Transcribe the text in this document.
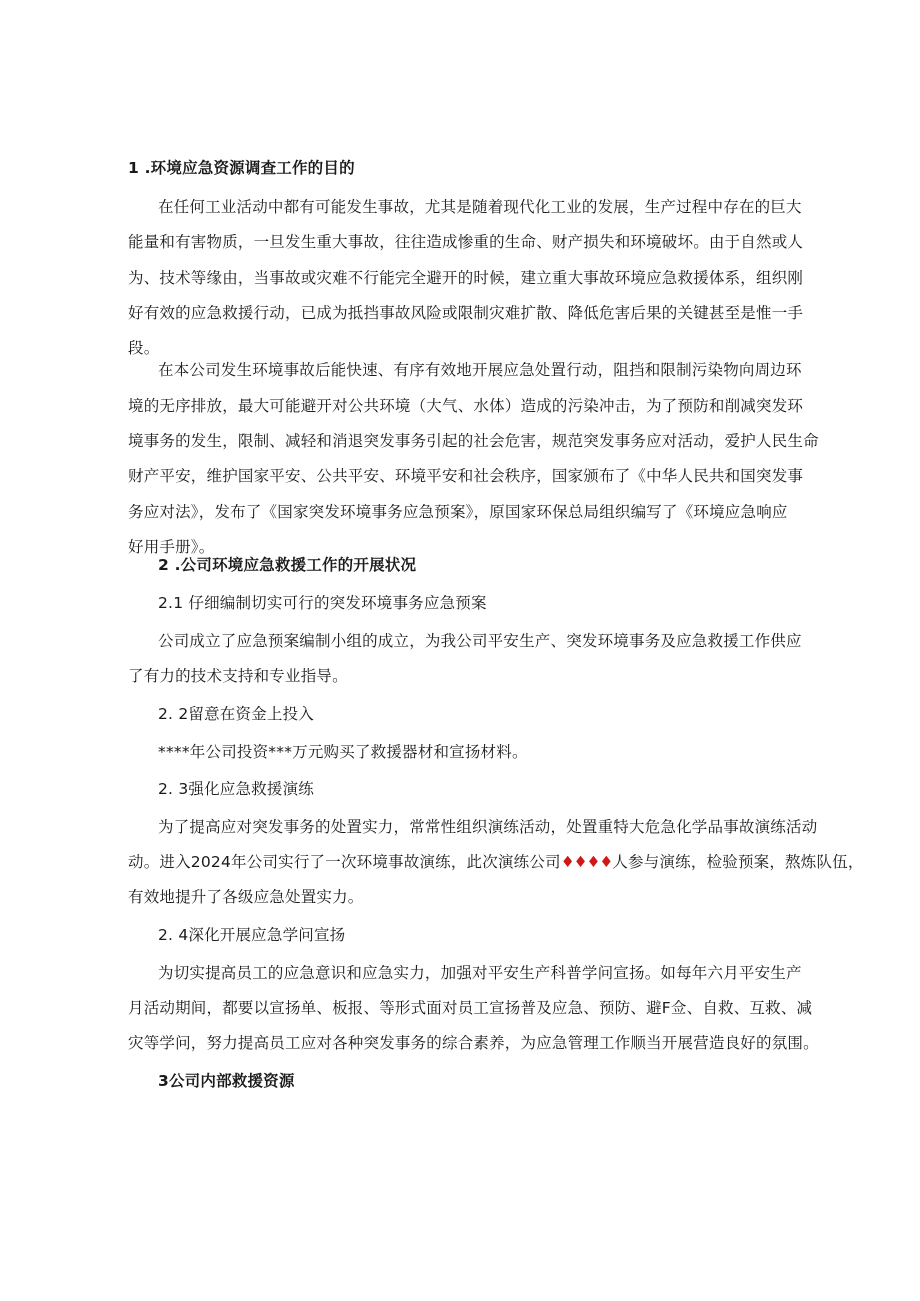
1 .环境应急资源调查工作的目的
在任何工业活动中都有可能发生事故，尤其是随着现代化工业的发展，生产过程中存在的巨大
能量和有害物质，一旦发生重大事故，往往造成惨重的生命、财产损失和环境破坏。由于自然或人
为、技术等缘由，当事故或灾难不行能完全避开的时候，建立重大事故环境应急救援体系，组织刚
好有效的应急救援行动，已成为抵挡事故风险或限制灾难扩散、降低危害后果的关键甚至是惟一手
段。
在本公司发生环境事故后能快速、有序有效地开展应急处置行动，阻挡和限制污染物向周边环
境的无序排放，最大可能避开对公共环境（大气、水体）造成的污染冲击，为了预防和削减突发环
境事务的发生，限制、减轻和消退突发事务引起的社会危害，规范突发事务应对活动，爱护人民生命
财产平安，维护国家平安、公共平安、环境平安和社会秩序，国家颁布了《中华人民共和国突发事
务应对法》，发布了《国家突发环境事务应急预案》，原国家环保总局组织编写了《环境应急响应
好用手册》。
2 .公司环境应急救援工作的开展状况
2.1 仔细编制切实可行的突发环境事务应急预案
公司成立了应急预案编制小组的成立，为我公司平安生产、突发环境事务及应急救援工作供应
了有力的技术支持和专业指导。
2. 2留意在资金上投入
****年公司投资***万元购买了救援器材和宣扬材料。
2. 3强化应急救援演练
为了提高应对突发事务的处置实力，常常性组织演练活动，处置重特大危急化学品事故演练活动
动。进入2024年公司实行了一次环境事故演练，此次演练公司♦♦♦♦人参与演练，检验预案，熬炼队伍，
有效地提升了各级应急处置实力。
2. 4深化开展应急学问宣扬
为切实提高员工的应急意识和应急实力，加强对平安生产科普学问宣扬。如每年六月平安生产
月活动期间，都要以宣扬单、板报、等形式面对员工宣扬普及应急、预防、避F佥、自救、互救、减
灾等学问，努力提高员工应对各种突发事务的综合素养，为应急管理工作顺当开展营造良好的氛围。
3公司内部救援资源
